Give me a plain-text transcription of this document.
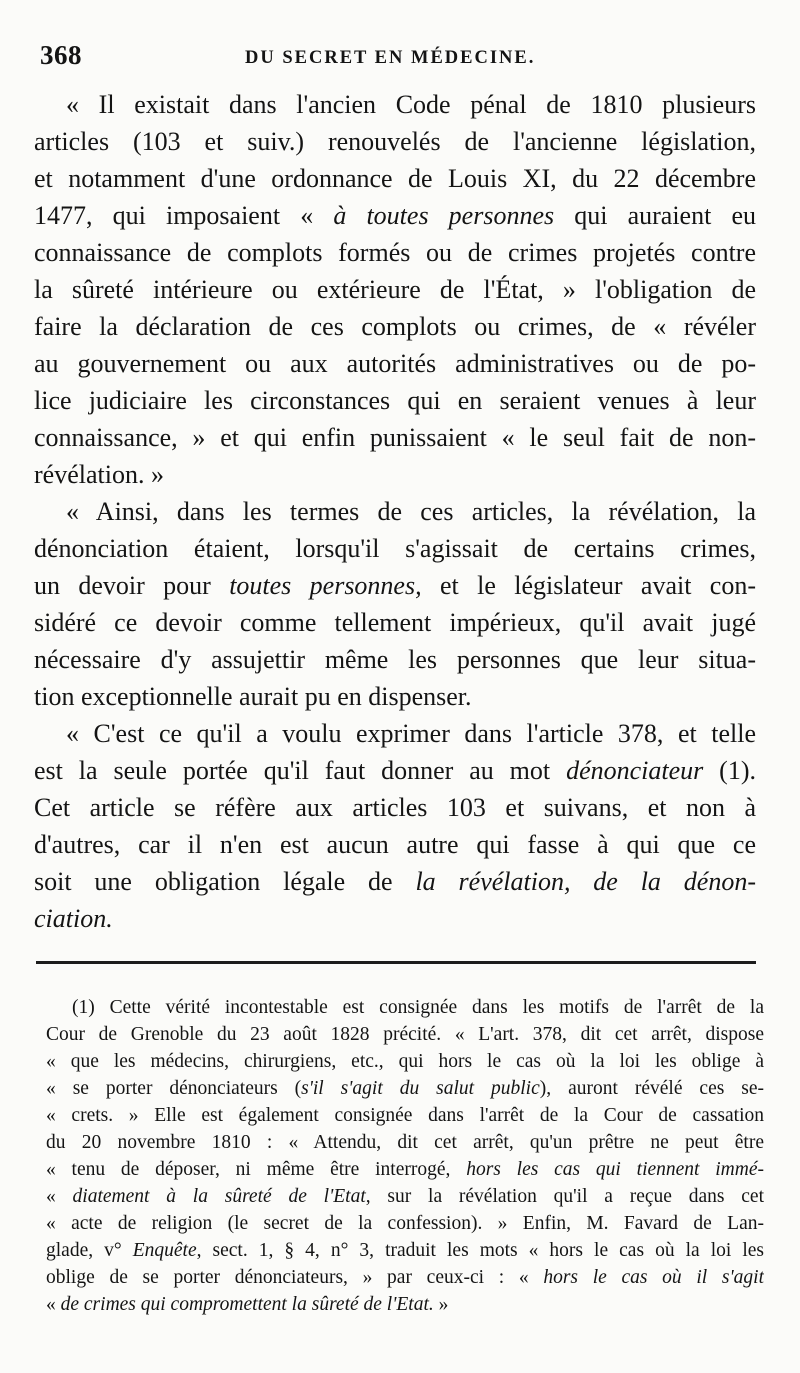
368	DU SECRET EN MÉDECINE.
« Il existait dans l'ancien Code pénal de 1810 plusieurs
articles (103 et suiv.) renouvelés de l'ancienne législation,
et notamment d'une ordonnance de Louis XI, du 22 décembre
1477, qui imposaient « à toutes personnes qui auraient eu
connaissance de complots formés ou de crimes projetés contre
la sûreté intérieure ou extérieure de l'État, » l'obligation de
faire la déclaration de ces complots ou crimes, de « révéler
au gouvernement ou aux autorités administratives ou de po-
lice judiciaire les circonstances qui en seraient venues à leur
connaissance, » et qui enfin punissaient « le seul fait de non-
révélation. »
« Ainsi, dans les termes de ces articles, la révélation, la
dénonciation étaient, lorsqu'il s'agissait de certains crimes,
un devoir pour toutes personnes, et le législateur avait con-
sidéré ce devoir comme tellement impérieux, qu'il avait jugé
nécessaire d'y assujettir même les personnes que leur situa-
tion exceptionnelle aurait pu en dispenser.
« C'est ce qu'il a voulu exprimer dans l'article 378, et telle
est la seule portée qu'il faut donner au mot dénonciateur (1).
Cet article se réfère aux articles 103 et suivans, et non à
d'autres, car il n'en est aucun autre qui fasse à qui que ce
soit une obligation légale de la révélation, de la dénon-
ciation.
(1) Cette vérité incontestable est consignée dans les motifs de l'arrêt de la
Cour de Grenoble du 23 août 1828 précité. « L'art. 378, dit cet arrêt, dispose
« que les médecins, chirurgiens, etc., qui hors le cas où la loi les oblige à
« se porter dénonciateurs (s'il s'agit du salut public), auront révélé ces se-
« crets. » Elle est également consignée dans l'arrêt de la Cour de cassation
du 20 novembre 1810 : « Attendu, dit cet arrêt, qu'un prêtre ne peut être
« tenu de déposer, ni même être interrogé, hors les cas qui tiennent immé-
« diatement à la sûreté de l'Etat, sur la révélation qu'il a reçue dans cet
« acte de religion (le secret de la confession). » Enfin, M. Favard de Lan-
glade, v° Enquête, sect. 1, § 4, n° 3, traduit les mots « hors le cas où la loi les
oblige de se porter dénonciateurs, » par ceux-ci : « hors le cas où il s'agit
« de crimes qui compromettent la sûreté de l'Etat. »
